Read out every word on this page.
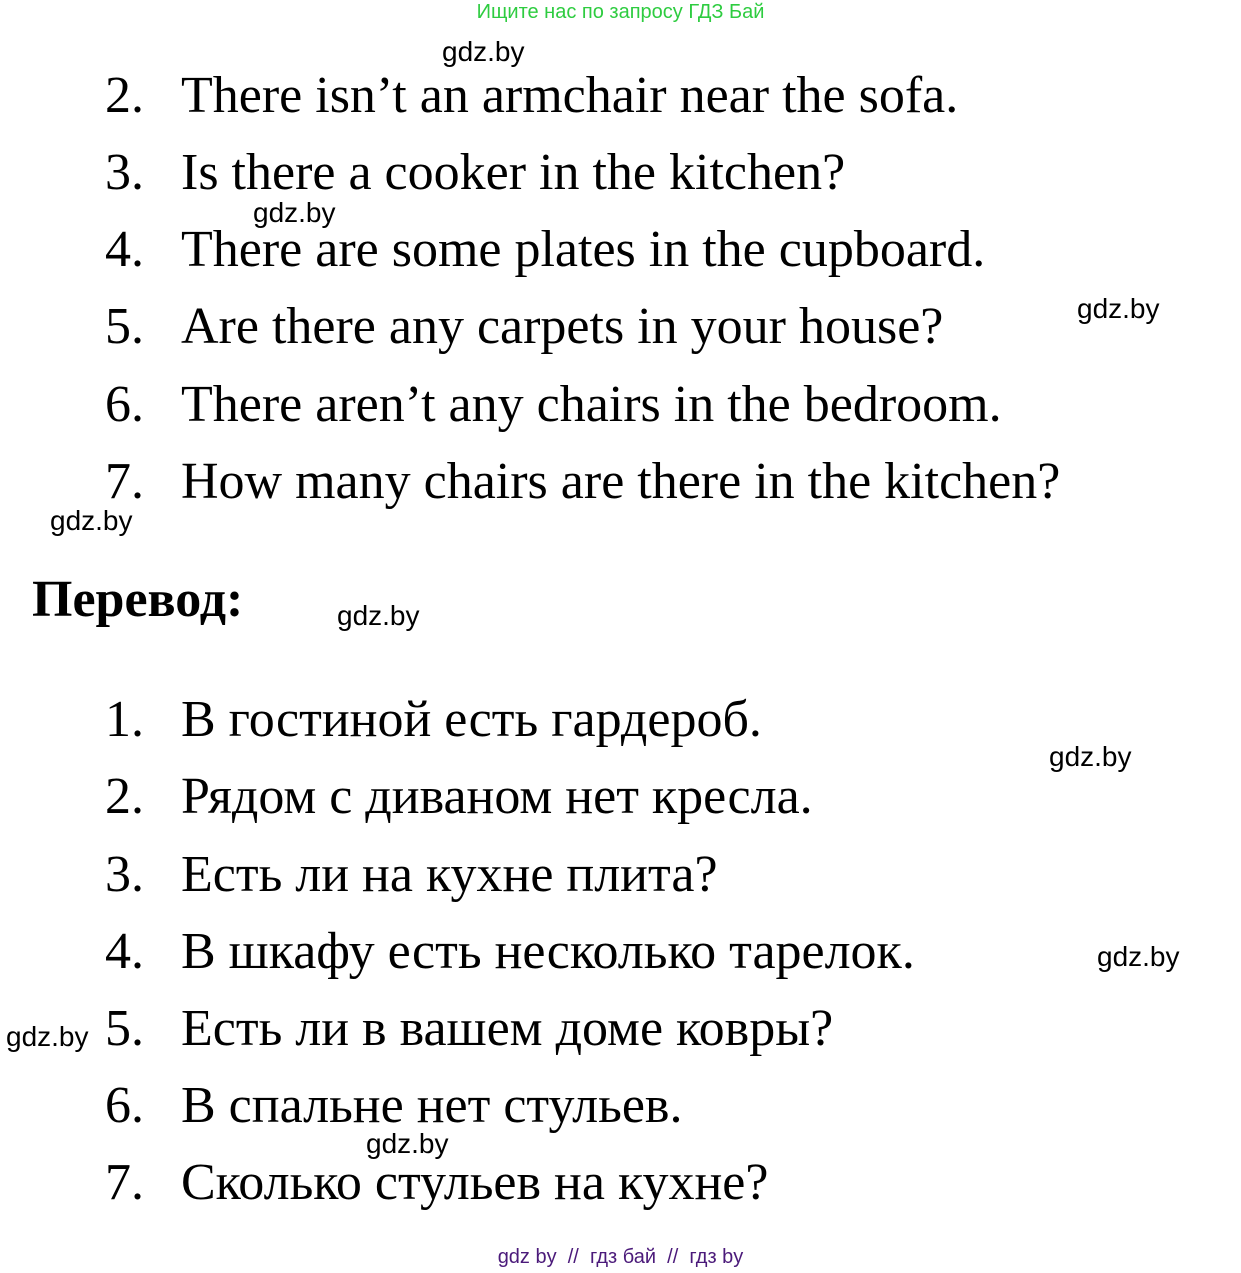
Ищите нас по запросу ГДЗ Бай
gdz.by
gdz.by
gdz.by
gdz.by
gdz.by
gdz.by
gdz.by
gdz.by
gdz.by
2. There isn’t an armchair near the sofa.
3. Is there a cooker in the kitchen?
4. There are some plates in the cupboard.
5. Are there any carpets in your house?
6. There aren’t any chairs in the bedroom.
7. How many chairs are there in the kitchen?
Перевод:
1. В гостиной есть гардероб.
2. Рядом с диваном нет кресла.
3. Есть ли на кухне плита?
4. В шкафу есть несколько тарелок.
5. Есть ли в вашем доме ковры?
6. В спальне нет стульев.
7. Сколько стульев на кухне?
gdz by  //  гдз бай  //  гдз by
